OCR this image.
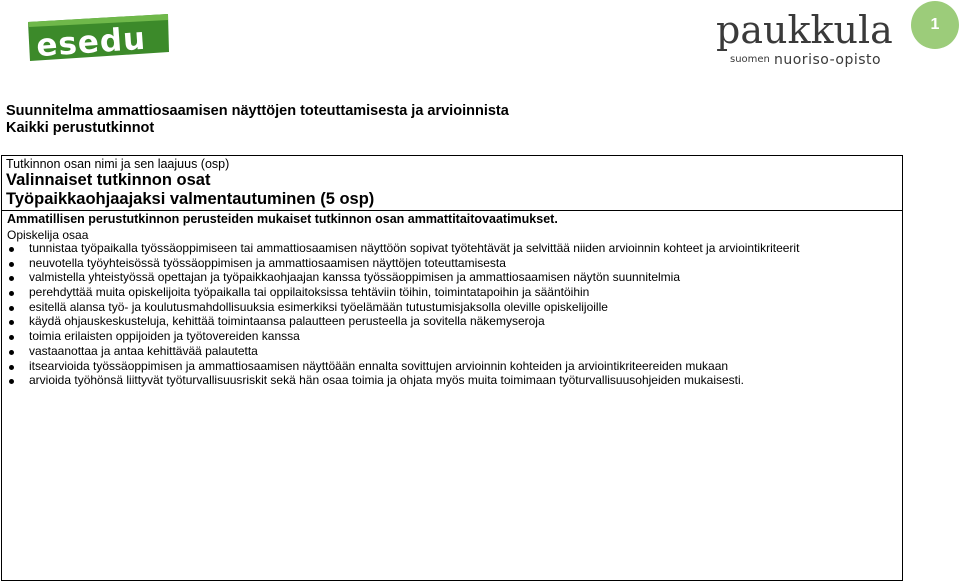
esedu	paukkula
suomen nuoriso-opisto
1
Suunnitelma ammattiosaamisen näyttöjen toteuttamisesta ja arvioinnista
Kaikki perustutkinnot
Tutkinnon osan nimi ja sen laajuus (osp)
Valinnaiset tutkinnon osat
Työpaikkaohjaajaksi valmentautuminen (5 osp)
Ammatillisen perustutkinnon perusteiden mukaiset tutkinnon osan ammattitaitovaatimukset.
Opiskelija osaa
tunnistaa työpaikalla työssäoppimiseen tai ammattiosaamisen näyttöön sopivat työtehtävät ja selvittää niiden arvioinnin kohteet ja arviointikriteerit
neuvotella työyhteisössä työssäoppimisen ja ammattiosaamisen näyttöjen toteuttamisesta
valmistella yhteistyössä opettajan ja työpaikkaohjaajan kanssa työssäoppimisen ja ammattiosaamisen näytön suunnitelmia
perehdyttää muita opiskelijoita työpaikalla tai oppilaitoksissa tehtäviin töihin, toimintatapoihin ja sääntöihin
esitellä alansa työ- ja koulutusmahdollisuuksia esimerkiksi työelämään tutustumisjaksolla oleville opiskelijoille
käydä ohjauskeskusteluja, kehittää toimintaansa palautteen perusteella ja sovitella näkemyseroja
toimia erilaisten oppijoiden ja työtovereiden kanssa
vastaanottaa ja antaa kehittävää palautetta
itsearvioida työssäoppimisen ja ammattiosaamisen näyttöään ennalta sovittujen arvioinnin kohteiden ja arviointikriteereiden mukaan
arvioida työhönsä liittyvät työturvallisuusriskit sekä hän osaa toimia ja ohjata myös muita toimimaan työturvallisuusohjeiden mukaisesti.
